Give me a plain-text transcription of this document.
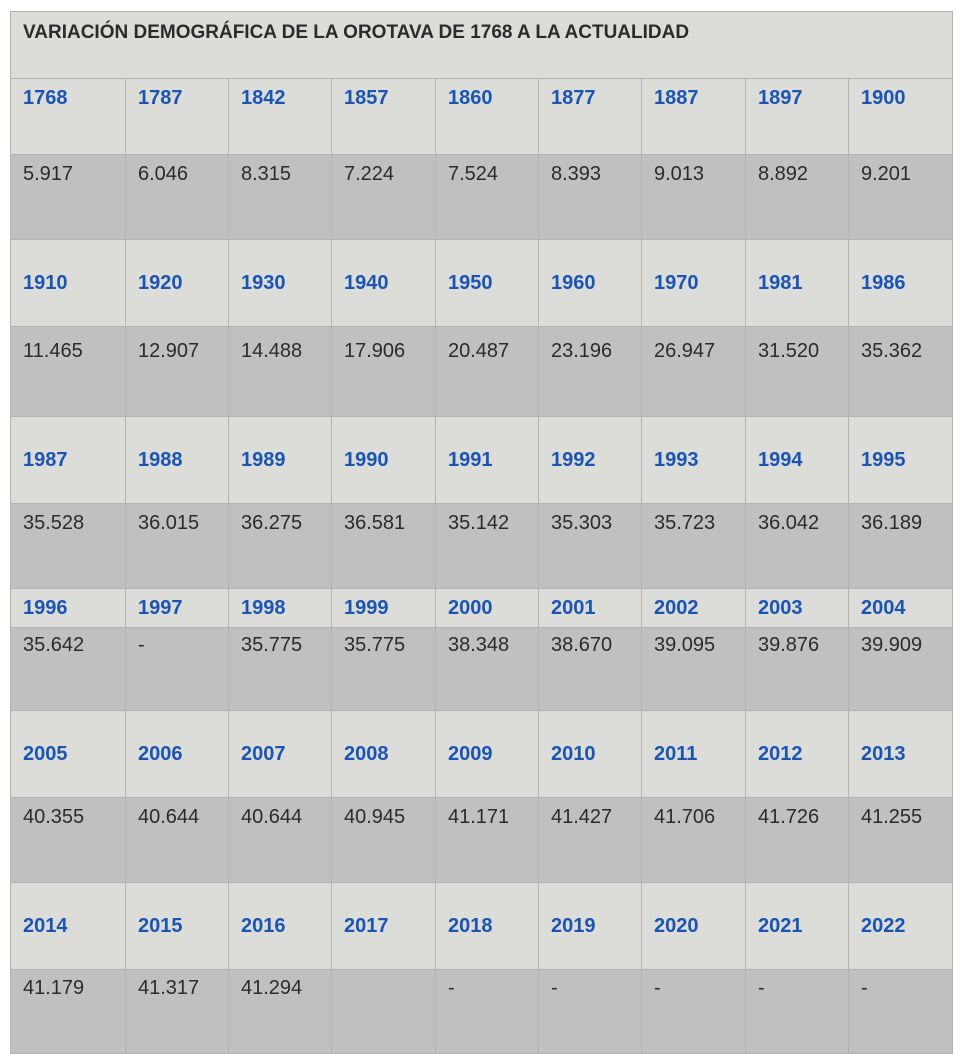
VARIACIÓN DEMOGRÁFICA DE LA OROTAVA DE 1768 A LA ACTUALIDAD								

1768	1787	1842	1857	1860	1877	1887	1897	1900
5.917	6.046	8.315	7.224	7.524	8.393	9.013	8.892	9.201
1910	1920	1930	1940	1950	1960	1970	1981	1986
11.465	12.907	14.488	17.906	20.487	23.196	26.947	31.520	35.362
1987	1988	1989	1990	1991	1992	1993	1994	1995
35.528	36.015	36.275	36.581	35.142	35.303	35.723	36.042	36.189
1996	1997	1998	1999	2000	2001	2002	2003	2004
35.642	-	35.775	35.775	38.348	38.670	39.095	39.876	39.909
2005	2006	2007	2008	2009	2010	2011	2012	2013
40.355	40.644	40.644	40.945	41.171	41.427	41.706	41.726	41.255
2014	2015	2016	2017	2018	2019	2020	2021	2022
41.179	41.317	41.294		-	-	-	-	-
